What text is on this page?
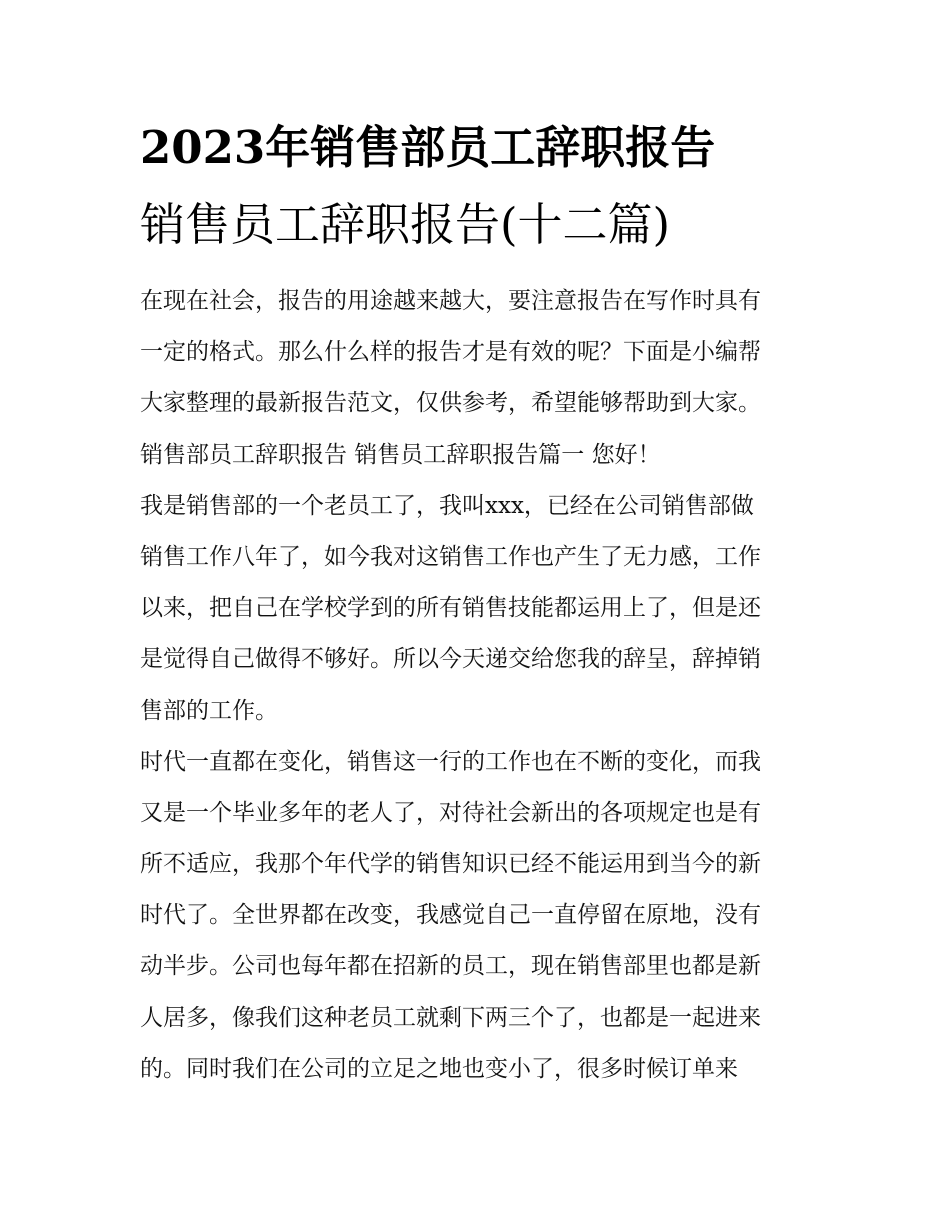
2023年销售部员工辞职报告
销售员工辞职报告(十二篇)
在现在社会，报告的用途越来越大，要注意报告在写作时具有
一定的格式。那么什么样的报告才是有效的呢？下面是小编帮
大家整理的最新报告范文，仅供参考，希望能够帮助到大家。
销售部员工辞职报告 销售员工辞职报告篇一 您好！
我是销售部的一个老员工了，我叫xxx，已经在公司销售部做
销售工作八年了，如今我对这销售工作也产生了无力感，工作
以来，把自己在学校学到的所有销售技能都运用上了，但是还
是觉得自己做得不够好。所以今天递交给您我的辞呈，辞掉销
售部的工作。
时代一直都在变化，销售这一行的工作也在不断的变化，而我
又是一个毕业多年的老人了，对待社会新出的各项规定也是有
所不适应，我那个年代学的销售知识已经不能运用到当今的新
时代了。全世界都在改变，我感觉自己一直停留在原地，没有
动半步。公司也每年都在招新的员工，现在销售部里也都是新
人居多，像我们这种老员工就剩下两三个了，也都是一起进来
的。同时我们在公司的立足之地也变小了，很多时候订单来
